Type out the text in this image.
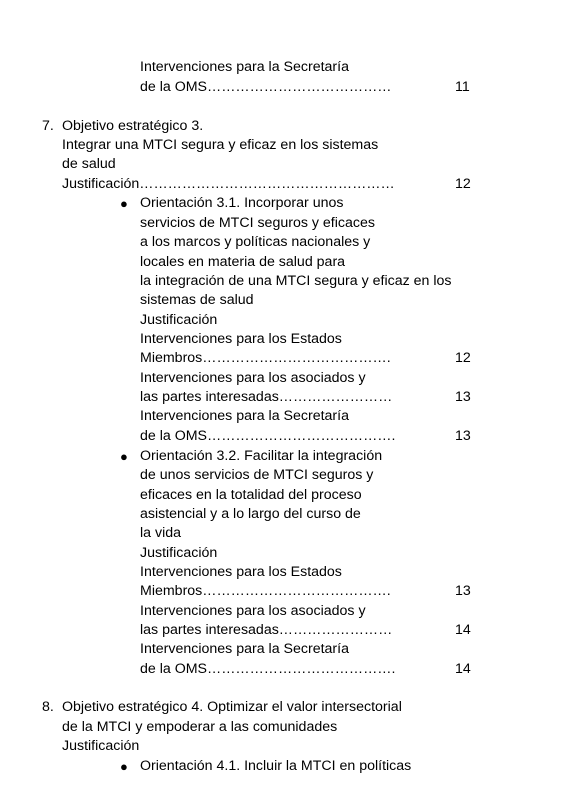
Intervenciones para la Secretaría
de la OMS…………………………………	11
7. Objetivo estratégico 3.
Integrar una MTCI segura y eficaz en los sistemas
de salud
Justificación………………………………………………	12
● Orientación 3.1. Incorporar unos
servicios de MTCI seguros y eficaces
a los marcos y políticas nacionales y
locales en materia de salud para
la integración de una MTCI segura y eficaz en los
sistemas de salud
Justificación
Intervenciones para los Estados
Miembros………………………………….	12
Intervenciones para los asociados y
las partes interesadas……………………	13
Intervenciones para la Secretaría
de la OMS………………………………….	13
● Orientación 3.2. Facilitar la integración
de unos servicios de MTCI seguros y
eficaces en la totalidad del proceso
asistencial y a lo largo del curso de
la vida
Justificación
Intervenciones para los Estados
Miembros………………………………….	13
Intervenciones para los asociados y
las partes interesadas……………………	14
Intervenciones para la Secretaría
de la OMS………………………………….	14
8. Objetivo estratégico 4. Optimizar el valor intersectorial
de la MTCI y empoderar a las comunidades
Justificación
● Orientación 4.1. Incluir la MTCI en políticas
